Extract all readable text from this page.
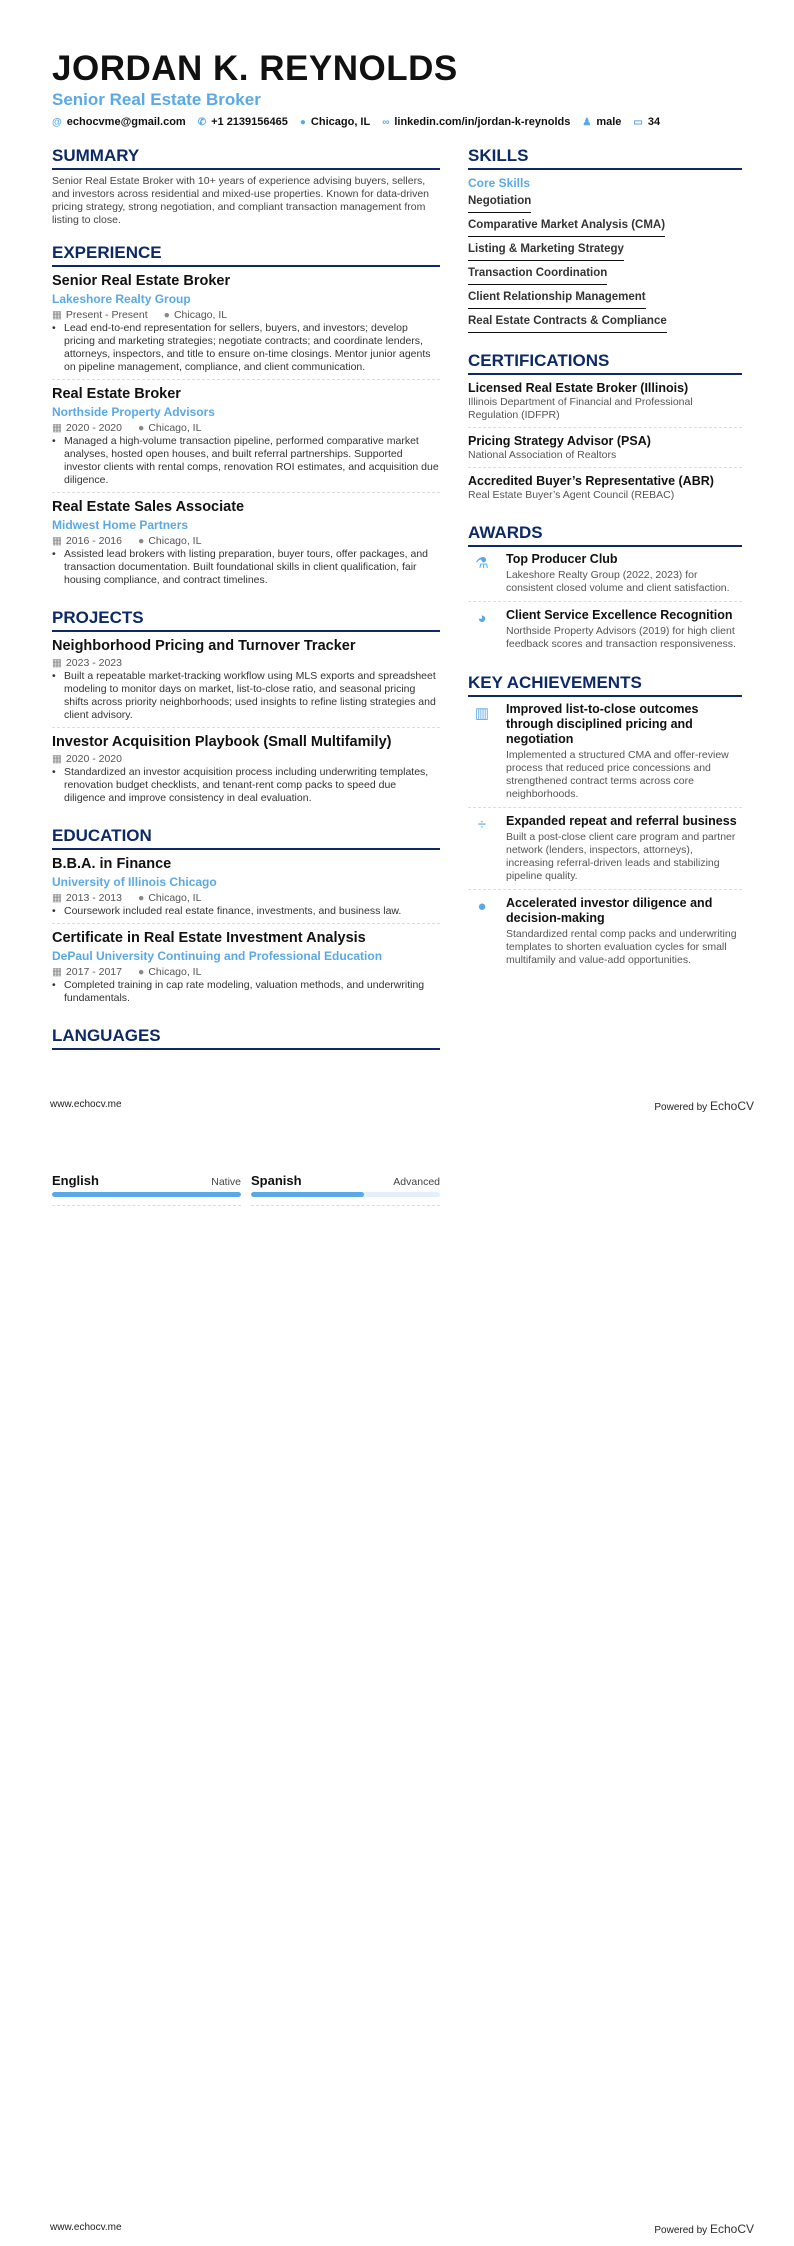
JORDAN K. REYNOLDS
Senior Real Estate Broker
@ echocvme@gmail.com ✆ +1 2139156465 ● Chicago, IL ∞ linkedin.com/in/jordan-k-reynolds ♟ male ▭ 34
SUMMARY
Senior Real Estate Broker with 10+ years of experience advising buyers, sellers, and investors across residential and mixed-use properties. Known for data-driven pricing strategy, strong negotiation, and compliant transaction management from listing to close.
EXPERIENCE
Senior Real Estate Broker
Lakeshore Realty Group
▦ Present - Present ● Chicago, IL
• Lead end-to-end representation for sellers, buyers, and investors; develop pricing and marketing strategies; negotiate contracts; and coordinate lenders, attorneys, inspectors, and title to ensure on-time closings. Mentor junior agents on pipeline management, compliance, and client communication.
Real Estate Broker
Northside Property Advisors
▦ 2020 - 2020 ● Chicago, IL
• Managed a high-volume transaction pipeline, performed comparative market analyses, hosted open houses, and built referral partnerships. Supported investor clients with rental comps, renovation ROI estimates, and acquisition due diligence.
Real Estate Sales Associate
Midwest Home Partners
▦ 2016 - 2016 ● Chicago, IL
• Assisted lead brokers with listing preparation, buyer tours, offer packages, and transaction documentation. Built foundational skills in client qualification, fair housing compliance, and contract timelines.
PROJECTS
Neighborhood Pricing and Turnover Tracker
▦ 2023 - 2023
• Built a repeatable market-tracking workflow using MLS exports and spreadsheet modeling to monitor days on market, list-to-close ratio, and seasonal pricing shifts across priority neighborhoods; used insights to refine listing strategies and client advisory.
Investor Acquisition Playbook (Small Multifamily)
▦ 2020 - 2020
• Standardized an investor acquisition process including underwriting templates, renovation budget checklists, and tenant-rent comp packs to speed due diligence and improve consistency in deal evaluation.
EDUCATION
B.B.A. in Finance
University of Illinois Chicago
▦ 2013 - 2013 ● Chicago, IL
• Coursework included real estate finance, investments, and business law.
Certificate in Real Estate Investment Analysis
DePaul University Continuing and Professional Education
▦ 2017 - 2017 ● Chicago, IL
• Completed training in cap rate modeling, valuation methods, and underwriting fundamentals.
LANGUAGES
SKILLS
Core Skills
Negotiation
Comparative Market Analysis (CMA)
Listing & Marketing Strategy
Transaction Coordination
Client Relationship Management
Real Estate Contracts & Compliance
CERTIFICATIONS
Licensed Real Estate Broker (Illinois)
Illinois Department of Financial and Professional Regulation (IDFPR)
Pricing Strategy Advisor (PSA)
National Association of Realtors
Accredited Buyer’s Representative (ABR)
Real Estate Buyer’s Agent Council (REBAC)
AWARDS
⚗	Top Producer Club
Lakeshore Realty Group (2022, 2023) for consistent closed volume and client satisfaction.
◕	Client Service Excellence Recognition
Northside Property Advisors (2019) for high client feedback scores and transaction responsiveness.
KEY ACHIEVEMENTS
▥	Improved list-to-close outcomes through disciplined pricing and negotiation
Implemented a structured CMA and offer-review process that reduced price concessions and strengthened contract terms across core neighborhoods.
÷	Expanded repeat and referral business
Built a post-close client care program and partner network (lenders, inspectors, attorneys), increasing referral-driven leads and stabilizing pipeline quality.
●	Accelerated investor diligence and decision-making
Standardized rental comp packs and underwriting templates to shorten evaluation cycles for small multifamily and value-add opportunities.
www.echocv.me	Powered by EchoCV
English	Native Spanish	Advanced
www.echocv.me	Powered by EchoCV
